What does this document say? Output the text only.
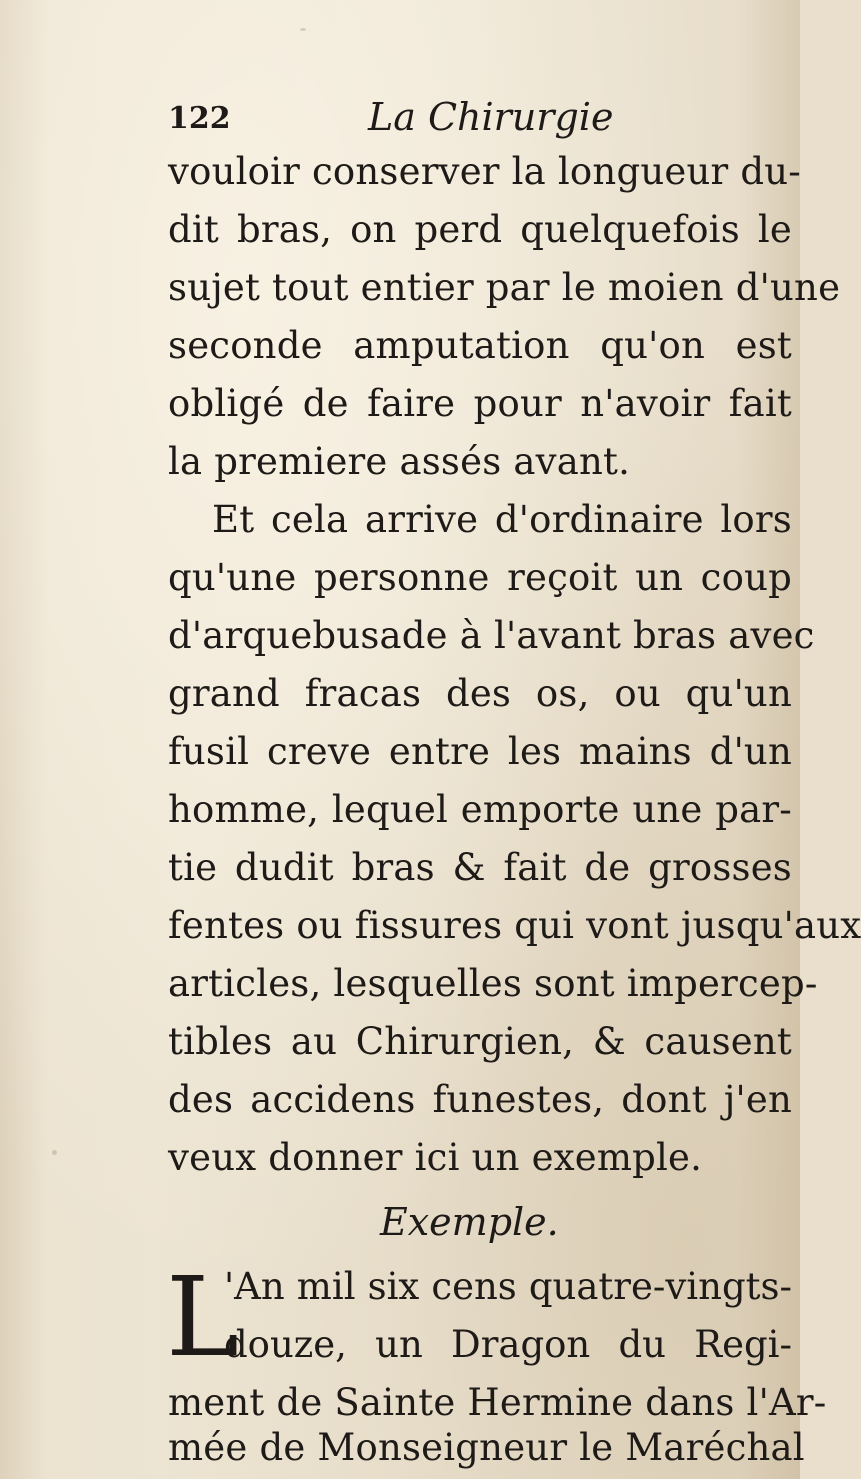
122	La Chirurgie
vouloir conserver la longueur du-
dit bras, on perd quelquefois le
sujet tout entier par le moien d'une
seconde amputation qu'on est
obligé de faire pour n'avoir fait
la premiere assés avant.
Et cela arrive d'ordinaire lors
qu'une personne reçoit un coup
d'arquebusade à l'avant bras avec
grand fracas des os, ou qu'un
fusil creve entre les mains d'un
homme, lequel emporte une par-
tie dudit bras & fait de grosses
fentes ou fissures qui vont jusqu'aux
articles, lesquelles sont impercep-
tibles au Chirurgien, & causent
des accidens funestes, dont j'en
veux donner ici un exemple.
Exemple.
L
'An mil six cens quatre-vingts-
douze, un Dragon du Regi-
ment de Sainte Hermine dans l'Ar-
mée de Monseigneur le Maréchal
